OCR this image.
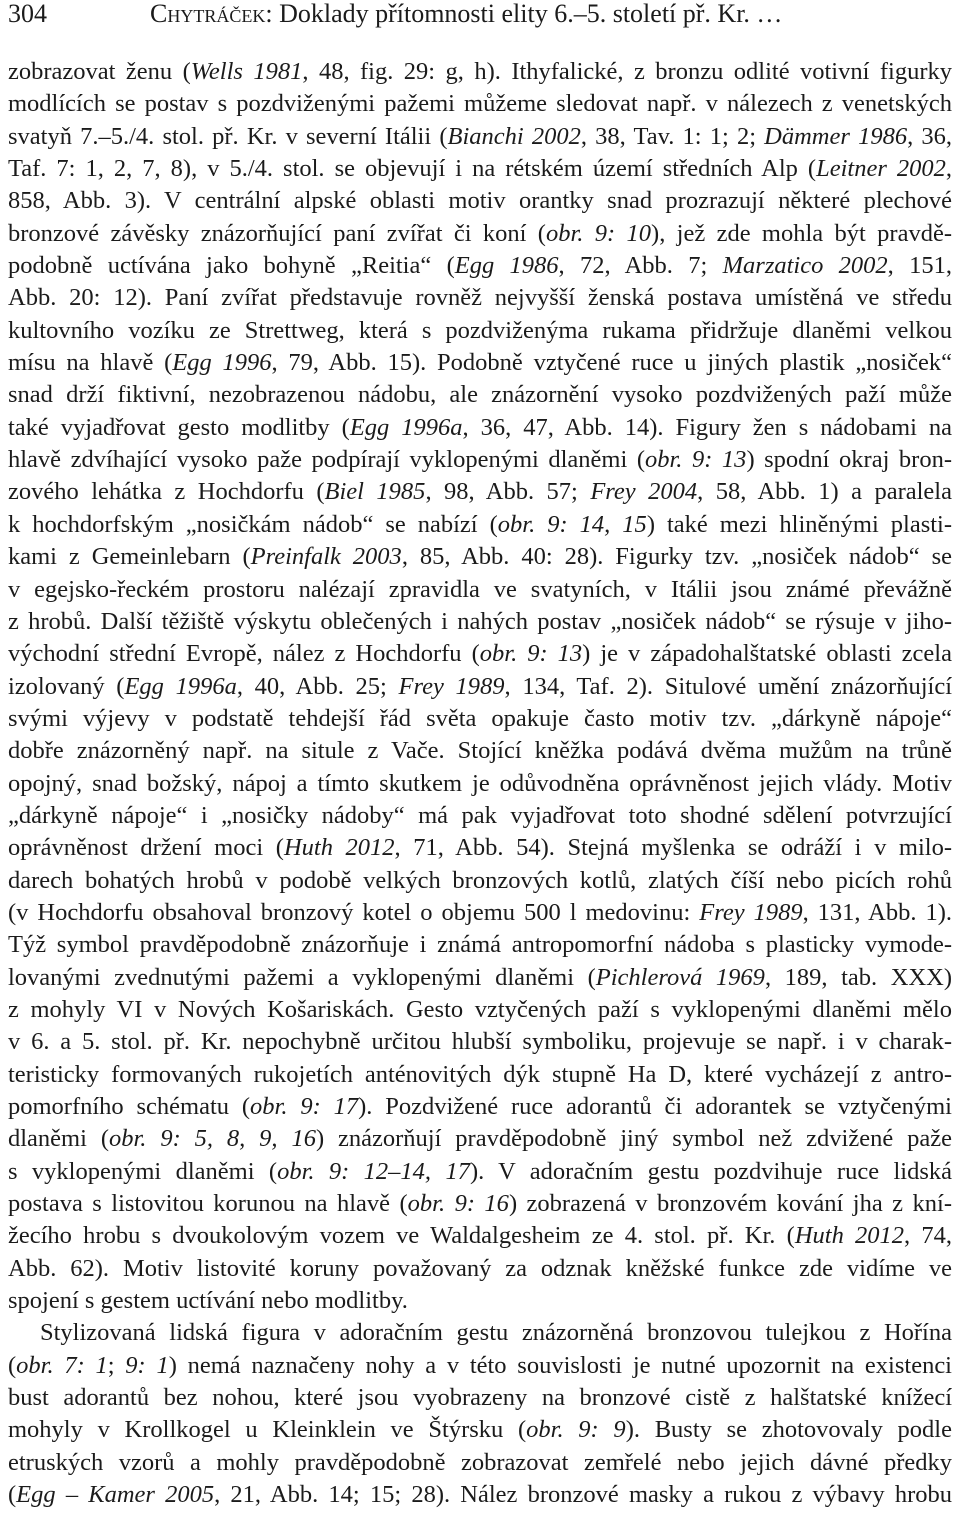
304	Chytráček: Doklady přítomnosti elity 6.–5. století př. Kr. …
zobrazovat ženu (Wells 1981, 48, fig. 29: g, h). Ithyfalické, z bronzu odlité votivní figurky
modlících se postav s pozdviženými pažemi můžeme sledovat např. v nálezech z venetských
svatyň 7.–5./4. stol. př. Kr. v severní Itálii (Bianchi 2002, 38, Tav. 1: 1; 2; Dämmer 1986, 36,
Taf. 7: 1, 2, 7, 8), v 5./4. stol. se objevují i na rétském území středních Alp (Leitner 2002,
858, Abb. 3). V centrální alpské oblasti motiv orantky snad prozrazují některé plechové
bronzové závěsky znázorňující paní zvířat či koní (obr. 9: 10), jež zde mohla být pravdě-
podobně uctívána jako bohyně „Reitia“ (Egg 1986, 72, Abb. 7; Marzatico 2002, 151,
Abb. 20: 12). Paní zvířat představuje rovněž nejvyšší ženská postava umístěná ve středu
kultovního vozíku ze Strettweg, která s pozdviženýma rukama přidržuje dlaněmi velkou
mísu na hlavě (Egg 1996, 79, Abb. 15). Podobně vztyčené ruce u jiných plastik „nosiček“
snad drží fiktivní, nezobrazenou nádobu, ale znázornění vysoko pozdvižených paží může
také vyjadřovat gesto modlitby (Egg 1996a, 36, 47, Abb. 14). Figury žen s nádobami na
hlavě zdvíhající vysoko paže podpírají vyklopenými dlaněmi (obr. 9: 13) spodní okraj bron-
zového lehátka z Hochdorfu (Biel 1985, 98, Abb. 57; Frey 2004, 58, Abb. 1) a paralela
k hochdorfským „nosičkám nádob“ se nabízí (obr. 9: 14, 15) také mezi hliněnými plasti-
kami z Gemeinlebarn (Preinfalk 2003, 85, Abb. 40: 28). Figurky tzv. „nosiček nádob“ se
v egejsko-řeckém prostoru nalézají zpravidla ve svatyních, v Itálii jsou známé převážně
z hrobů. Další těžiště výskytu oblečených i nahých postav „nosiček nádob“ se rýsuje v jiho-
východní střední Evropě, nález z Hochdorfu (obr. 9: 13) je v západohalštatské oblasti zcela
izolovaný (Egg 1996a, 40, Abb. 25; Frey 1989, 134, Taf. 2). Situlové umění znázorňující
svými výjevy v podstatě tehdejší řád světa opakuje často motiv tzv. „dárkyně nápoje“
dobře znázorněný např. na situle z Vače. Stojící kněžka podává dvěma mužům na trůně
opojný, snad božský, nápoj a tímto skutkem je odůvodněna oprávněnost jejich vlády. Motiv
„dárkyně nápoje“ i „nosičky nádoby“ má pak vyjadřovat toto shodné sdělení potvrzující
oprávněnost držení moci (Huth 2012, 71, Abb. 54). Stejná myšlenka se odráží i v milo-
darech bohatých hrobů v podobě velkých bronzových kotlů, zlatých číší nebo picích rohů
(v Hochdorfu obsahoval bronzový kotel o objemu 500 l medovinu: Frey 1989, 131, Abb. 1).
Týž symbol pravděpodobně znázorňuje i známá antropomorfní nádoba s plasticky vymode-
lovanými zvednutými pažemi a vyklopenými dlaněmi (Pichlerová 1969, 189, tab. XXX)
z mohyly VI v Nových Košariskách. Gesto vztyčených paží s vyklopenými dlaněmi mělo
v 6. a 5. stol. př. Kr. nepochybně určitou hlubší symboliku, projevuje se např. i v charak-
teristicky formovaných rukojetích anténovitých dýk stupně Ha D, které vycházejí z antro-
pomorfního schématu (obr. 9: 17). Pozdvižené ruce adorantů či adorantek se vztyčenými
dlaněmi (obr. 9: 5, 8, 9, 16) znázorňují pravděpodobně jiný symbol než zdvižené paže
s vyklopenými dlaněmi (obr. 9: 12–14, 17). V adoračním gestu pozdvihuje ruce lidská
postava s listovitou korunou na hlavě (obr. 9: 16) zobrazená v bronzovém kování jha z kní-
žecího hrobu s dvoukolovým vozem ve Waldalgesheim ze 4. stol. př. Kr. (Huth 2012, 74,
Abb. 62). Motiv listovité koruny považovaný za odznak kněžské funkce zde vidíme ve
spojení s gestem uctívání nebo modlitby.
Stylizovaná lidská figura v adoračním gestu znázorněná bronzovou tulejkou z Hořína
(obr. 7: 1; 9: 1) nemá naznačeny nohy a v této souvislosti je nutné upozornit na existenci
bust adorantů bez nohou, které jsou vyobrazeny na bronzové cistě z halštatské knížecí
mohyly v Krollkogel u Kleinklein ve Štýrsku (obr. 9: 9). Busty se zhotovovaly podle
etruských vzorů a mohly pravděpodobně zobrazovat zemřelé nebo jejich dávné předky
(Egg – Kamer 2005, 21, Abb. 14; 15; 28). Nález bronzové masky a rukou z výbavy hrobu
